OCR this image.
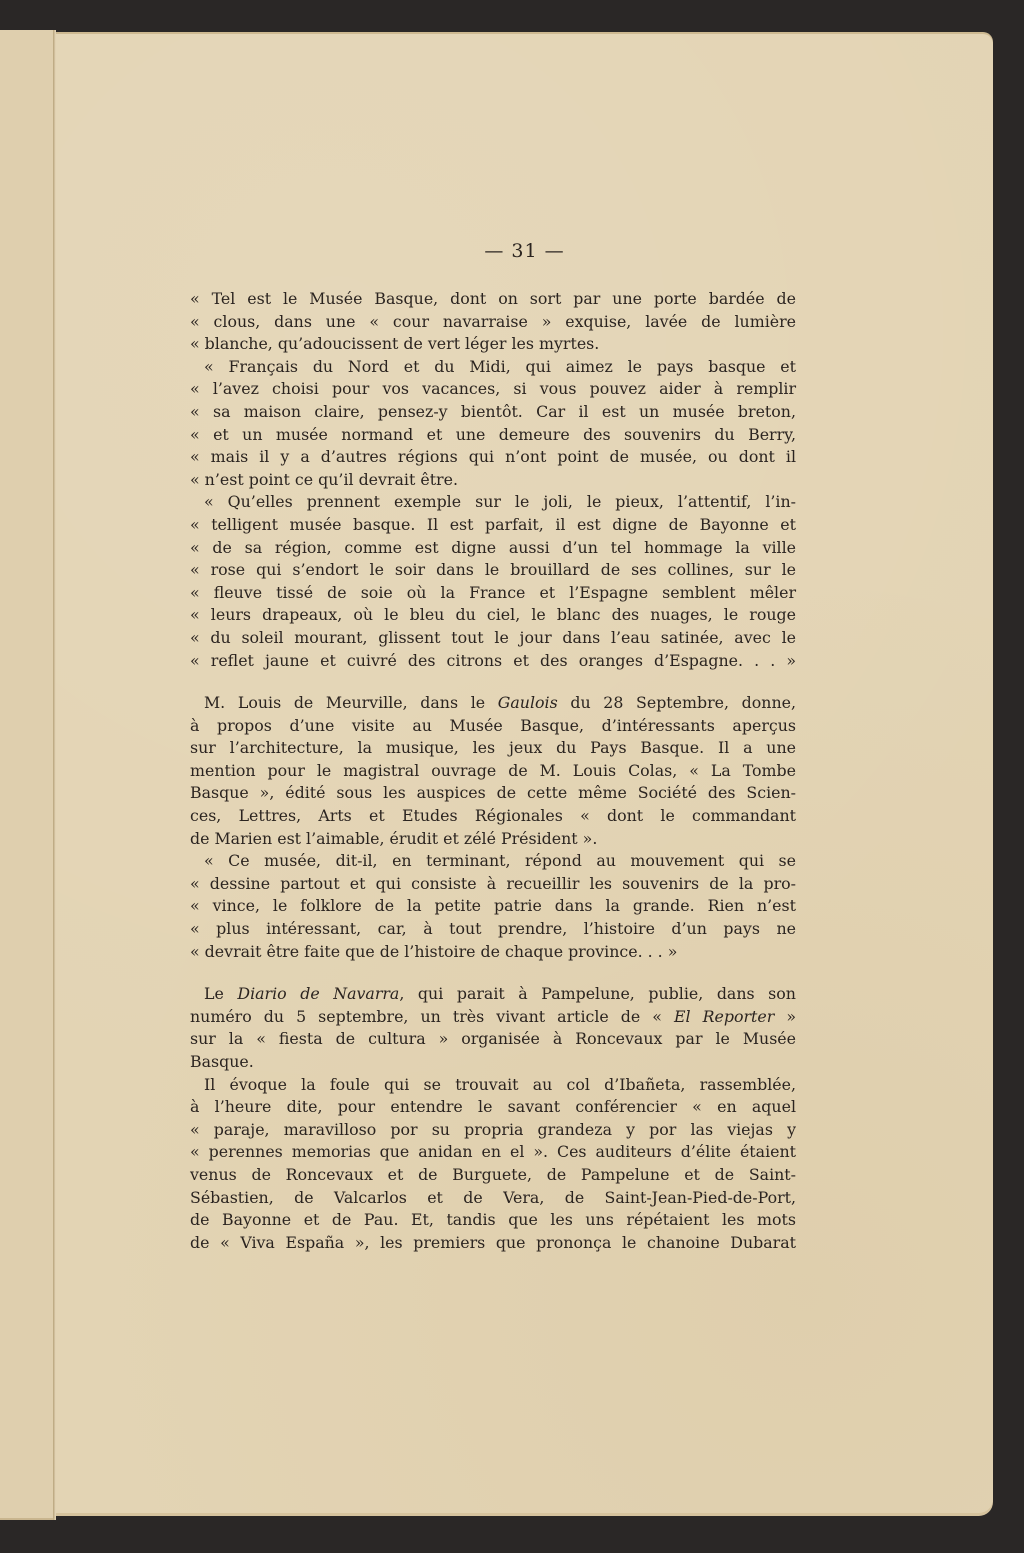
— 31 —
« Tel est le Musée Basque, dont on sort par une porte bardée de
« clous, dans une « cour navarraise » exquise, lavée de lumière
« blanche, qu’adoucissent de vert léger les myrtes.
« Français du Nord et du Midi, qui aimez le pays basque et
« l’avez choisi pour vos vacances, si vous pouvez aider à remplir
« sa maison claire, pensez-y bientôt. Car il est un musée breton,
« et un musée normand et une demeure des souvenirs du Berry,
« mais il y a d’autres régions qui n’ont point de musée, ou dont il
« n’est point ce qu’il devrait être.
« Qu’elles prennent exemple sur le joli, le pieux, l’attentif, l’in-
« telligent musée basque. Il est parfait, il est digne de Bayonne et
« de sa région, comme est digne aussi d’un tel hommage la ville
« rose qui s’endort le soir dans le brouillard de ses collines, sur le
« fleuve tissé de soie où la France et l’Espagne semblent mêler
« leurs drapeaux, où le bleu du ciel, le blanc des nuages, le rouge
« du soleil mourant, glissent tout le jour dans l’eau satinée, avec le
« reflet jaune et cuivré des citrons et des oranges d’Espagne. . . »
M. Louis de Meurville, dans le Gaulois du 28 Septembre, donne,
à propos d’une visite au Musée Basque, d’intéressants aperçus
sur l’architecture, la musique, les jeux du Pays Basque. Il a une
mention pour le magistral ouvrage de M. Louis Colas, « La Tombe
Basque », édité sous les auspices de cette même Société des Scien-
ces, Lettres, Arts et Etudes Régionales « dont le commandant
de Marien est l’aimable, érudit et zélé Président ».
« Ce musée, dit-il, en terminant, répond au mouvement qui se
« dessine partout et qui consiste à recueillir les souvenirs de la pro-
« vince, le folklore de la petite patrie dans la grande. Rien n’est
« plus intéressant, car, à tout prendre, l’histoire d’un pays ne
« devrait être faite que de l’histoire de chaque province. . . »
Le Diario de Navarra, qui parait à Pampelune, publie, dans son
numéro du 5 septembre, un très vivant article de « El Reporter »
sur la « fiesta de cultura » organisée à Roncevaux par le Musée
Basque.
Il évoque la foule qui se trouvait au col d’Ibañeta, rassemblée,
à l’heure dite, pour entendre le savant conférencier « en aquel
« paraje, maravilloso por su propria grandeza y por las viejas y
« perennes memorias que anidan en el ». Ces auditeurs d’élite étaient
venus de Roncevaux et de Burguete, de Pampelune et de Saint-
Sébastien, de Valcarlos et de Vera, de Saint-Jean-Pied-de-Port,
de Bayonne et de Pau. Et, tandis que les uns répétaient les mots
de « Viva España », les premiers que prononça le chanoine Dubarat
